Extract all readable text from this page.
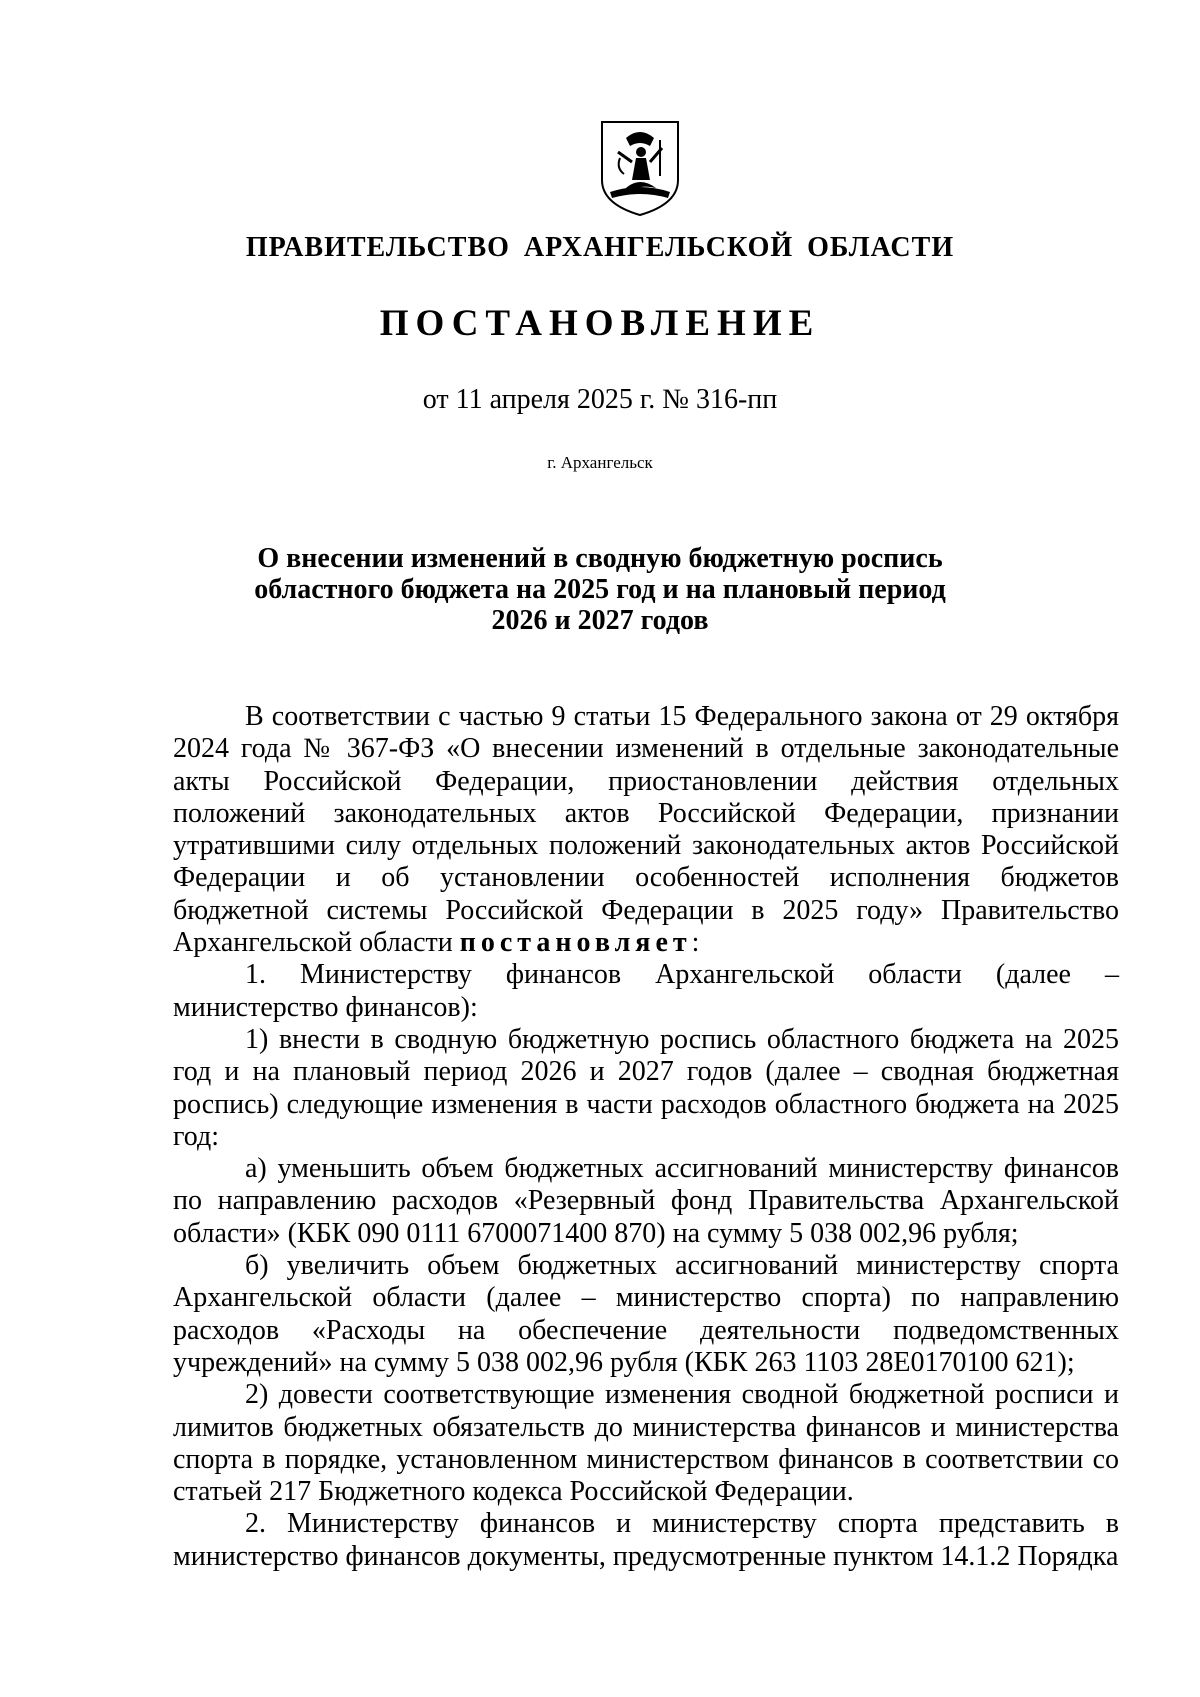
ПРАВИТЕЛЬСТВО АРХАНГЕЛЬСКОЙ ОБЛАСТИ
ПОСТАНОВЛЕНИЕ
от 11 апреля 2025 г. № 316-пп
г. Архангельск
О внесении изменений в сводную бюджетную роспись
областного бюджета на 2025 год и на плановый период
2026 и 2027 годов

В соответствии с частью 9 статьи 15 Федерального закона от 29 октября 2024 года № 367-ФЗ «О внесении изменений в отдельные законодательные акты Российской Федерации, приостановлении действия отдельных положений законодательных актов Российской Федерации, признании утратившими силу отдельных положений законодательных актов Российской Федерации и об установлении особенностей исполнения бюджетов бюджетной системы Российской Федерации в 2025 году» Правительство Архангельской области постановляет:

1. Министерству финансов Архангельской области (далее – министерство финансов):

1) внести в сводную бюджетную роспись областного бюджета на 2025 год и на плановый период 2026 и 2027 годов (далее – сводная бюджетная роспись) следующие изменения в части расходов областного бюджета на 2025 год:

а) уменьшить объем бюджетных ассигнований министерству финансов по направлению расходов «Резервный фонд Правительства Архангельской области» (КБК 090 0111 6700071400 870) на сумму 5 038 002,96 рубля;

б) увеличить объем бюджетных ассигнований министерству спорта Архангельской области (далее – министерство спорта) по направлению расходов «Расходы на обеспечение деятельности подведомственных учреждений» на сумму 5 038 002,96 рубля (КБК 263 1103 28Е0170100 621);

2) довести соответствующие изменения сводной бюджетной росписи и лимитов бюджетных обязательств до министерства финансов и министерства спорта в порядке, установленном министерством финансов в соответствии со статьей 217 Бюджетного кодекса Российской Федерации.

2. Министерству финансов и министерству спорта представить в министерство финансов документы, предусмотренные пунктом 14.1.2 Порядка
